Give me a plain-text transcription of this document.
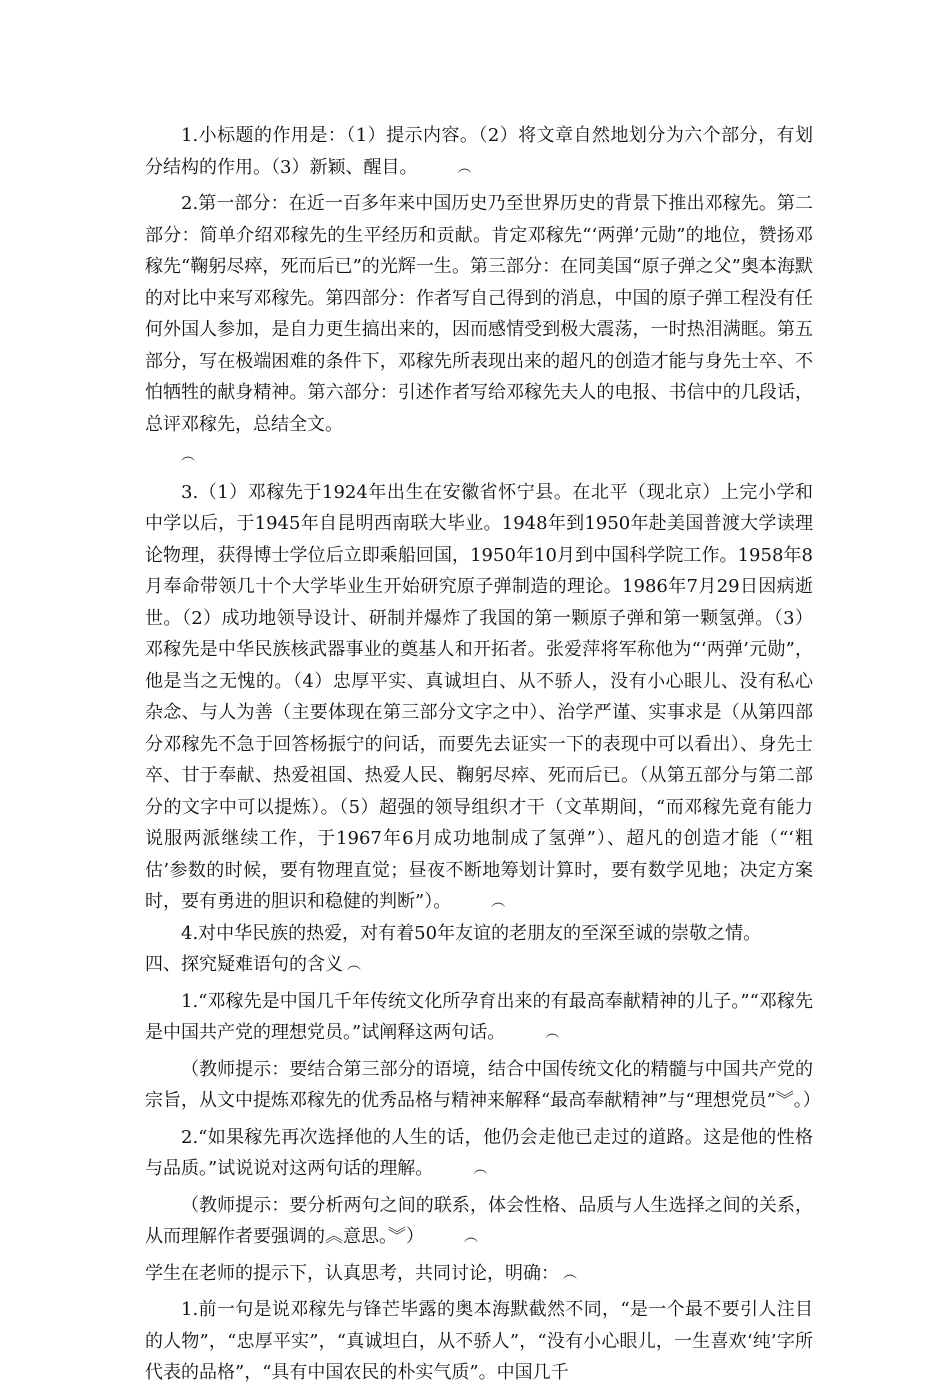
1.小标题的作用是：（1）提示内容。（2）将文章自然地划分为六个部分，有划分结构的作用。（3）新颖、醒目。	︵

2.第一部分：在近一百多年来中国历史乃至世界历史的背景下推出邓稼先。第二部分：简单介绍邓稼先的生平经历和贡献。肯定邓稼先“‘两弹’元勋”的地位，赞扬邓稼先“鞠躬尽瘁，死而后已”的光辉一生。第三部分：在同美国“原子弹之父”奥本海默的对比中来写邓稼先。第四部分：作者写自己得到的消息，中国的原子弹工程没有任何外国人参加，是自力更生搞出来的，因而感情受到极大震荡，一时热泪满眶。第五部分，写在极端困难的条件下，邓稼先所表现出来的超凡的创造才能与身先士卒、不怕牺牲的献身精神。第六部分：引述作者写给邓稼先夫人的电报、书信中的几段话，总评邓稼先，总结全文。
︵

3.（1）邓稼先于1924年出生在安徽省怀宁县。在北平（现北京）上完小学和中学以后，于1945年自昆明西南联大毕业。1948年到1950年赴美国普渡大学读理论物理，获得博士学位后立即乘船回国，1950年10月到中国科学院工作。1958年8月奉命带领几十个大学毕业生开始研究原子弹制造的理论。1986年7月29日因病逝世。（2）成功地领导设计、研制并爆炸了我国的第一颗原子弹和第一颗氢弹。（3）邓稼先是中华民族核武器事业的奠基人和开拓者。张爱萍将军称他为“‘两弹’元勋”，他是当之无愧的。（4）忠厚平实、真诚坦白、从不骄人，没有小心眼儿、没有私心杂念、与人为善（主要体现在第三部分文字之中）、治学严谨、实事求是（从第四部分邓稼先不急于回答杨振宁的问话，而要先去证实一下的表现中可以看出）、身先士卒、甘于奉献、热爱祖国、热爱人民、鞠躬尽瘁、死而后已。（从第五部分与第二部分的文字中可以提炼）。（5）超强的领导组织才干（文革期间，“而邓稼先竟有能力说服两派继续工作，于1967年6月成功地制成了氢弹”）、超凡的创造才能（“‘粗估’参数的时候，要有物理直觉；昼夜不断地筹划计算时，要有数学见地；决定方案时，要有勇进的胆识和稳健的判断”）。	︵

4.对中华民族的热爱，对有着50年友谊的老朋友的至深至诚的崇敬之情。

四、探究疑难语句的含义 ︵

1.“邓稼先是中国几千年传统文化所孕育出来的有最高奉献精神的儿子。”“邓稼先是中国共产党的理想党员。”试阐释这两句话。	︵

（教师提示：要结合第三部分的语境，结合中国传统文化的精髓与中国共产党的宗旨，从文中提炼邓稼先的优秀品格与精神来解释“最高奉献精神”与“理想党员”︾。）

2.“如果稼先再次选择他的人生的话，他仍会走他已走过的道路。这是他的性格与品质。”试说说对这两句话的理解。	︵

（教师提示：要分析两句之间的联系，体会性格、品质与人生选择之间的关系，从而理解作者要强调的︽意思。︾）	︵

学生在老师的提示下，认真思考，共同讨论，明确： ︵

1.前一句是说邓稼先与锋芒毕露的奥本海默截然不同，“是一个最不要引人注目的人物”，“忠厚平实”，“真诚坦白，从不骄人”，“没有小心眼儿，一生喜欢‘纯’字所代表的品格”，“具有中国农民的朴实气质”。中国几千
